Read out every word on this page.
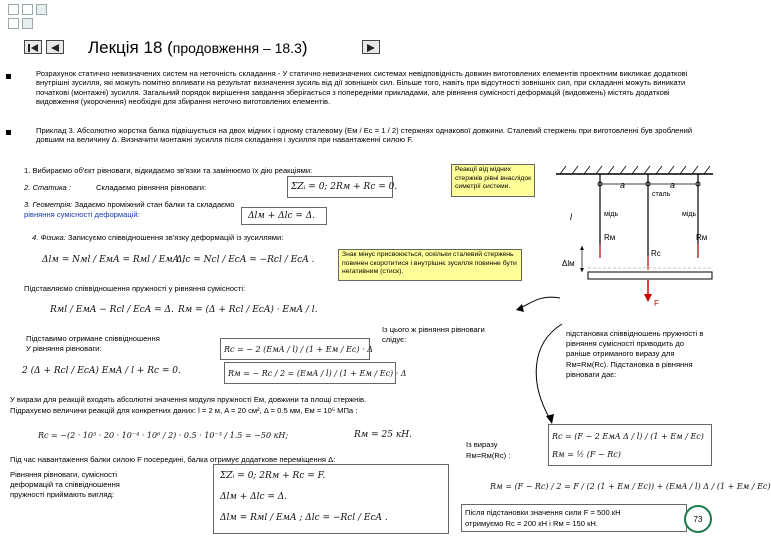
Лекція 18 (продовження – 18.3)
Розрахунок статично невизначених систем на неточність складання - У статично невизначених системах невідповідність довжин виготовлених елементів проектним викликає додаткові внутрішні зусилля, які можуть помітно впливати на результат визначення зусиль від дії зовнішніх сил. Більше того, навіть при відсутності зовнішніх сил, при складанні можуть виникати початкові (монтажні) зусилля. Загальний порядок вирішення завдання зберігається з попередніми прикладами, але рівняння сумісності деформацій (видовжень) містять додаткові видовження (укорочення) необхідні для збирання неточно виготовлених елементів.
Приклад 3. Абсолютно жорстка балка підвішується на двох мідних і одному сталевому (Eм / Eс = 1 / 2) стержнях однакової довжини. Сталевий стержень при виготовленні був зроблений довшим на величину Δ. Визначити монтажні зусилля після складання і зусилля при навантаженні силою F.
1. Вибираємо об'єкт рівноваги, відкидаємо зв'язки та замінюємо їх дію реакціями:
2. Статика :	Складаємо рівняння рівноваги:	ΣZᵢ = 0; 2Rм + Rс = 0.
3. Геометрія: Задаємо проміжний стан балки та складаємо
рівняння сумісності деформацій:	Δlм + Δlс = Δ.
Реакції від мідних стержнів рівні внаслідок симетрії системи.
4. Фізика: Записуємо співвідношення зв'язку деформацій із зусиллями:
Δlм = Nмl / EмA = Rмl / EмA ;
Δlс = Nсl / EсA = −Rсl / EсA .
Знак мінус присвоюється, оскільки сталевий стержень повинен скоротитися і внутрішнє зусилля повинне бути негативним (стиск).
Підставляємо співвідношення пружності у рівняння сумісності:
Rмl / EмA − Rсl / EсA = Δ. Rм = (Δ + Rсl / EсA) · EмA / l.
Підставимо отримане співвідношення
У рівняння рівноваги:
2 (Δ + Rсl / EсA) EмA / l + Rс = 0.
Із цього ж рівняння рівноваги
слідує:
Rс = − 2 (EмA / l) / (1 + Eм / Eс) · Δ
Rм = − Rс / 2 = (EмA / l) / (1 + Eм / Eс) · Δ
У вирази для реакцій входять абсолютні значення модуля пружності Eм, довжини та площі стержнів.
Підрахуємо величини реакцій для конкретних даних: l = 2 м, A = 20 см², Δ = 0.5 мм, Eм = 10⁵ МПа :
Rс = −(2 · 10⁵ · 20 · 10⁻⁴ · 10⁶ / 2) · 0.5 · 10⁻³ / 1.5 = −50 кН;	Rм = 25 кН.
Під час навантаження балки силою F посередині, балка отримує додаткове переміщення Δ:
Рівняння рівноваги, сумісності
деформацій та співвідношення
пружності приймають вигляд:
ΣZᵢ = 0; 2Rм + Rс = F.
Δlм + Δlс = Δ.
Δlм = Rмl / EмA ; Δlс = −Rсl / EсA .
Із виразу
Rм=Rм(Rс) :
Rс = (F − 2 EмA Δ / l) / (1 + Eм / Eс)
Rм = ½ (F − Rс)
Rм = (F − Rс) / 2 = F / (2 (1 + Eм / Eс)) + (EмA / l) Δ / (1 + Eм / Eс)
Після підстановки значення сили F = 500 кН
отримуємо Rс = 200 кН і Rм = 150 кН.
підстановка співвідношень пружності в рівняння сумісності приводить до раніше отриманого виразу для Rм=Rм(Rс). Підстановка в рівняння рівноваги дає:
73
a	a
l	мідь
сталь
мідь
Rм
Rс
Rм
Δlм
F
